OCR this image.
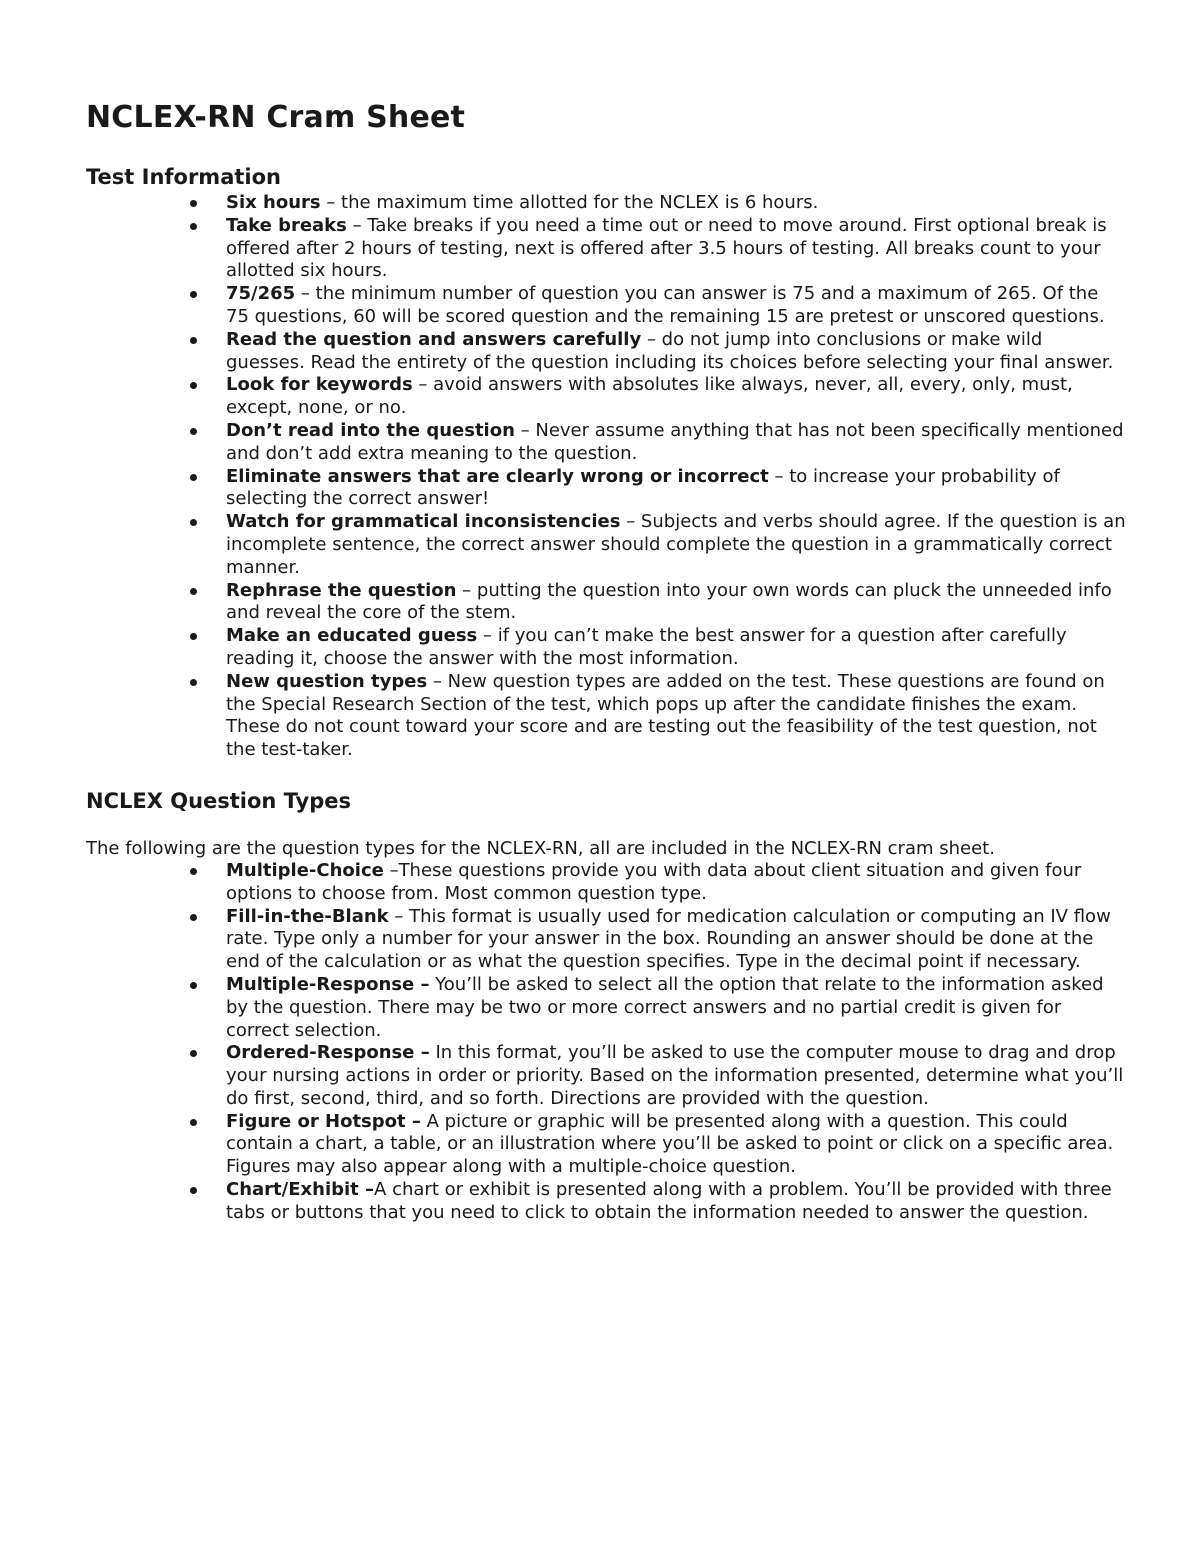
NCLEX-RN Cram Sheet
Test Information
Six hours – the maximum time allotted for the NCLEX is 6 hours.
Take breaks – Take breaks if you need a time out or need to move around. First optional break is offered after 2 hours of testing, next is offered after 3.5 hours of testing. All breaks count to your allotted six hours.
75/265 – the minimum number of question you can answer is 75 and a maximum of 265. Of the 75 questions, 60 will be scored question and the remaining 15 are pretest or unscored questions.
Read the question and answers carefully – do not jump into conclusions or make wild guesses. Read the entirety of the question including its choices before selecting your final answer.
Look for keywords – avoid answers with absolutes like always, never, all, every, only, must, except, none, or no.
Don’t read into the question – Never assume anything that has not been specifically mentioned and don’t add extra meaning to the question.
Eliminate answers that are clearly wrong or incorrect – to increase your probability of selecting the correct answer!
Watch for grammatical inconsistencies – Subjects and verbs should agree. If the question is an incomplete sentence, the correct answer should complete the question in a grammatically correct manner.
Rephrase the question – putting the question into your own words can pluck the unneeded info and reveal the core of the stem.
Make an educated guess – if you can’t make the best answer for a question after carefully reading it, choose the answer with the most information.
New question types – New question types are added on the test. These questions are found on the Special Research Section of the test, which pops up after the candidate finishes the exam. These do not count toward your score and are testing out the feasibility of the test question, not the test-taker.
NCLEX Question Types

The following are the question types for the NCLEX-RN, all are included in the NCLEX-RN cram sheet.

Multiple-Choice –These questions provide you with data about client situation and given four options to choose from. Most common question type.
Fill-in-the-Blank – This format is usually used for medication calculation or computing an IV flow rate. Type only a number for your answer in the box. Rounding an answer should be done at the end of the calculation or as what the question specifies. Type in the decimal point if necessary.
Multiple-Response – You’ll be asked to select all the option that relate to the information asked by the question. There may be two or more correct answers and no partial credit is given for correct selection.
Ordered-Response – In this format, you’ll be asked to use the computer mouse to drag and drop your nursing actions in order or priority. Based on the information presented, determine what you’ll do first, second, third, and so forth. Directions are provided with the question.
Figure or Hotspot – A picture or graphic will be presented along with a question. This could contain a chart, a table, or an illustration where you’ll be asked to point or click on a specific area. Figures may also appear along with a multiple-choice question.
Chart/Exhibit –A chart or exhibit is presented along with a problem. You’ll be provided with three tabs or buttons that you need to click to obtain the information needed to answer the question.
